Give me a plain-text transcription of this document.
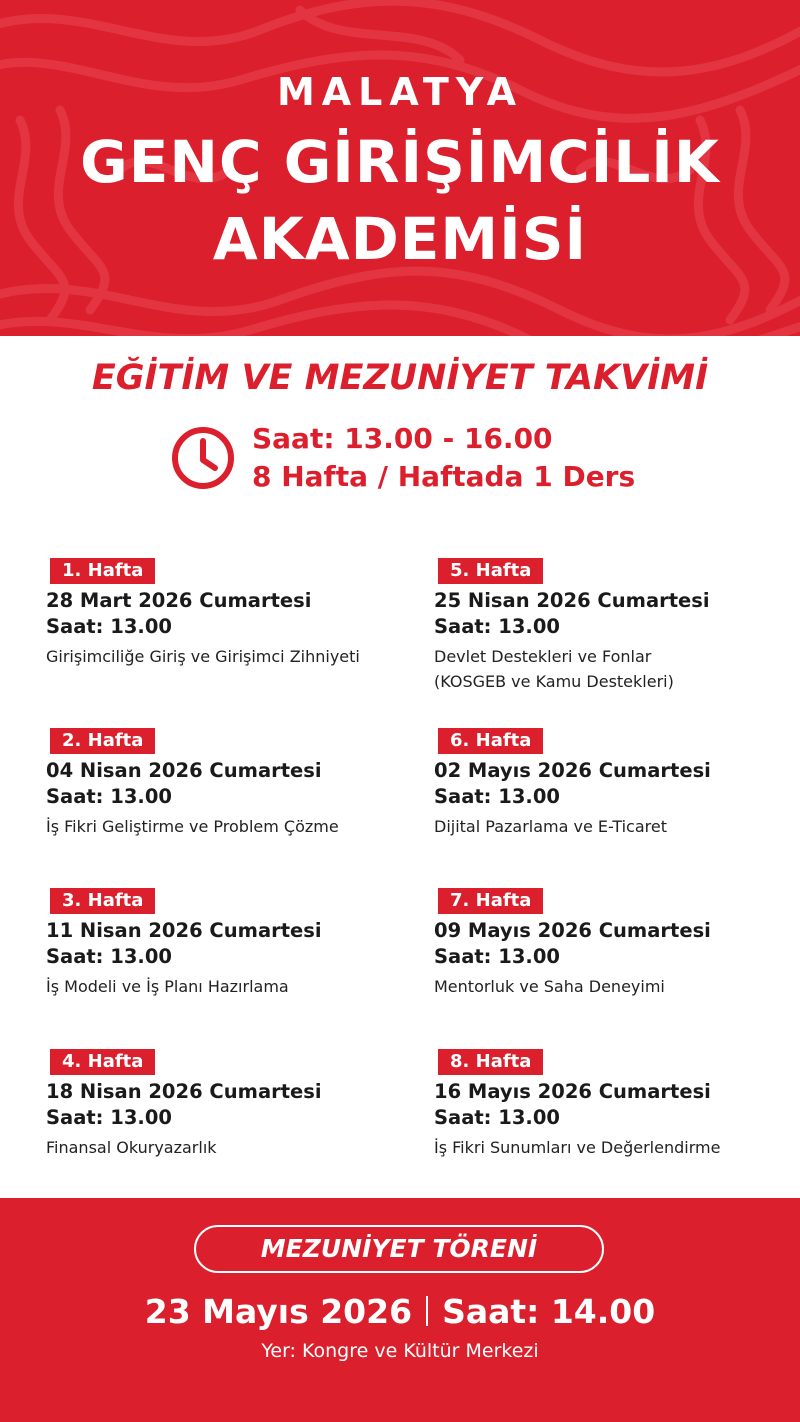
MALATYA
GENÇ GİRİŞİMCİLİK
AKADEMİSİ
EĞİTİM VE MEZUNİYET TAKVİMİ
Saat: 13.00 - 16.00
8 Hafta / Haftada 1 Ders
1. Hafta
28 Mart 2026 Cumartesi
Saat: 13.00
Girişimciliğe Giriş ve Girişimci Zihniyeti
2. Hafta
04 Nisan 2026 Cumartesi
Saat: 13.00
İş Fikri Geliştirme ve Problem Çözme
3. Hafta
11 Nisan 2026 Cumartesi
Saat: 13.00
İş Modeli ve İş Planı Hazırlama
4. Hafta
18 Nisan 2026 Cumartesi
Saat: 13.00
Finansal Okuryazarlık
5. Hafta
25 Nisan 2026 Cumartesi
Saat: 13.00
Devlet Destekleri ve Fonlar (KOSGEB ve Kamu Destekleri)
6. Hafta
02 Mayıs 2026 Cumartesi
Saat: 13.00
Dijital Pazarlama ve E-Ticaret
7. Hafta
09 Mayıs 2026 Cumartesi
Saat: 13.00
Mentorluk ve Saha Deneyimi
8. Hafta
16 Mayıs 2026 Cumartesi
Saat: 13.00
İş Fikri Sunumları ve Değerlendirme
MEZUNİYET TÖRENİ
23 Mayıs 2026 Saat: 14.00
Yer: Kongre ve Kültür Merkezi
